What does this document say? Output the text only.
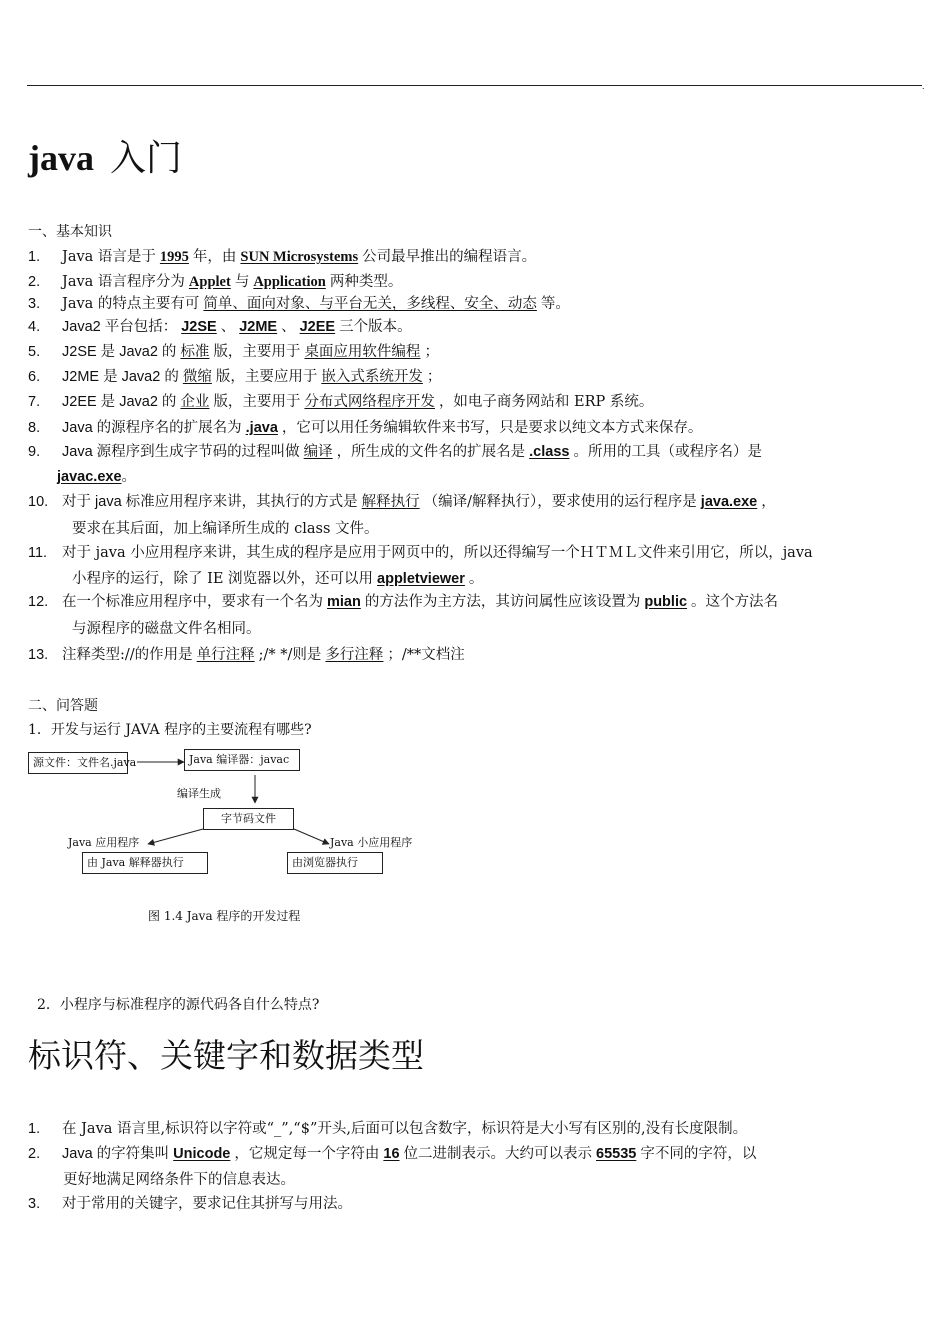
.
java 入门
一、基本知识
1. Java 语言是于 1995 年，由 SUN Microsystems 公司最早推出的编程语言。
2. Java 语言程序分为 Applet 与 Application 两种类型。
3. Java 的特点主要有可 简单、面向对象、与平台无关，多线程、安全、动态 等。
4. Java2 平台包括： J2SE 、 J2ME 、 J2EE 三个版本。
5. J2SE 是 Java2 的 标准 版，主要用于 桌面应用软件编程 ；
6. J2ME 是 Java2 的 微缩 版，主要应用于 嵌入式系统开发 ；
7. J2EE 是 Java2 的 企业 版，主要用于 分布式网络程序开发 ，如电子商务网站和 ERP 系统。
8. Java 的源程序名的扩展名为 .java ，它可以用任务编辑软件来书写，只是要求以纯文本方式来保存。
9. Java 源程序到生成字节码的过程叫做 编译 ，所生成的文件名的扩展名是 .class 。所用的工具（或程序名）是
javac.exe。
10. 对于 java 标准应用程序来讲，其执行的方式是 解释执行 （编译/解释执行），要求使用的运行程序是 java.exe ，
要求在其后面，加上编译所生成的 class 文件。
11. 对于 java 小应用程序来讲，其生成的程序是应用于网页中的，所以还得编写一个ＨＴＭＬ文件来引用它，所以，java
小程序的运行，除了 IE 浏览器以外，还可以用 appletviewer 。
12. 在一个标准应用程序中，要求有一个名为 mian 的方法作为主方法，其访问属性应该设置为 public 。这个方法名
与源程序的磁盘文件名相同。
13. 注释类型://的作用是 单行注释 ;/* */则是 多行注释 ；/**文档注
二、问答题
1．开发与运行 JAVA 程序的主要流程有哪些?
源文件：文件名.java	Java 编译器：javac
编译生成
字节码文件
Java 应用程序	Java 小应用程序
由 Java 解释器执行	由浏览器执行
图 1.4 Java 程序的开发过程
2．小程序与标准程序的源代码各自什么特点?
标识符、关键字和数据类型
1. 在 Java 语言里,标识符以字符或“_”,“$”开头,后面可以包含数字，标识符是大小写有区别的,没有长度限制。
2. Java 的字符集叫 Unicode ，它规定每一个字符由 16 位二进制表示。大约可以表示 65535 字不同的字符，以
更好地满足网络条件下的信息表达。
3. 对于常用的关键字，要求记住其拼写与用法。
